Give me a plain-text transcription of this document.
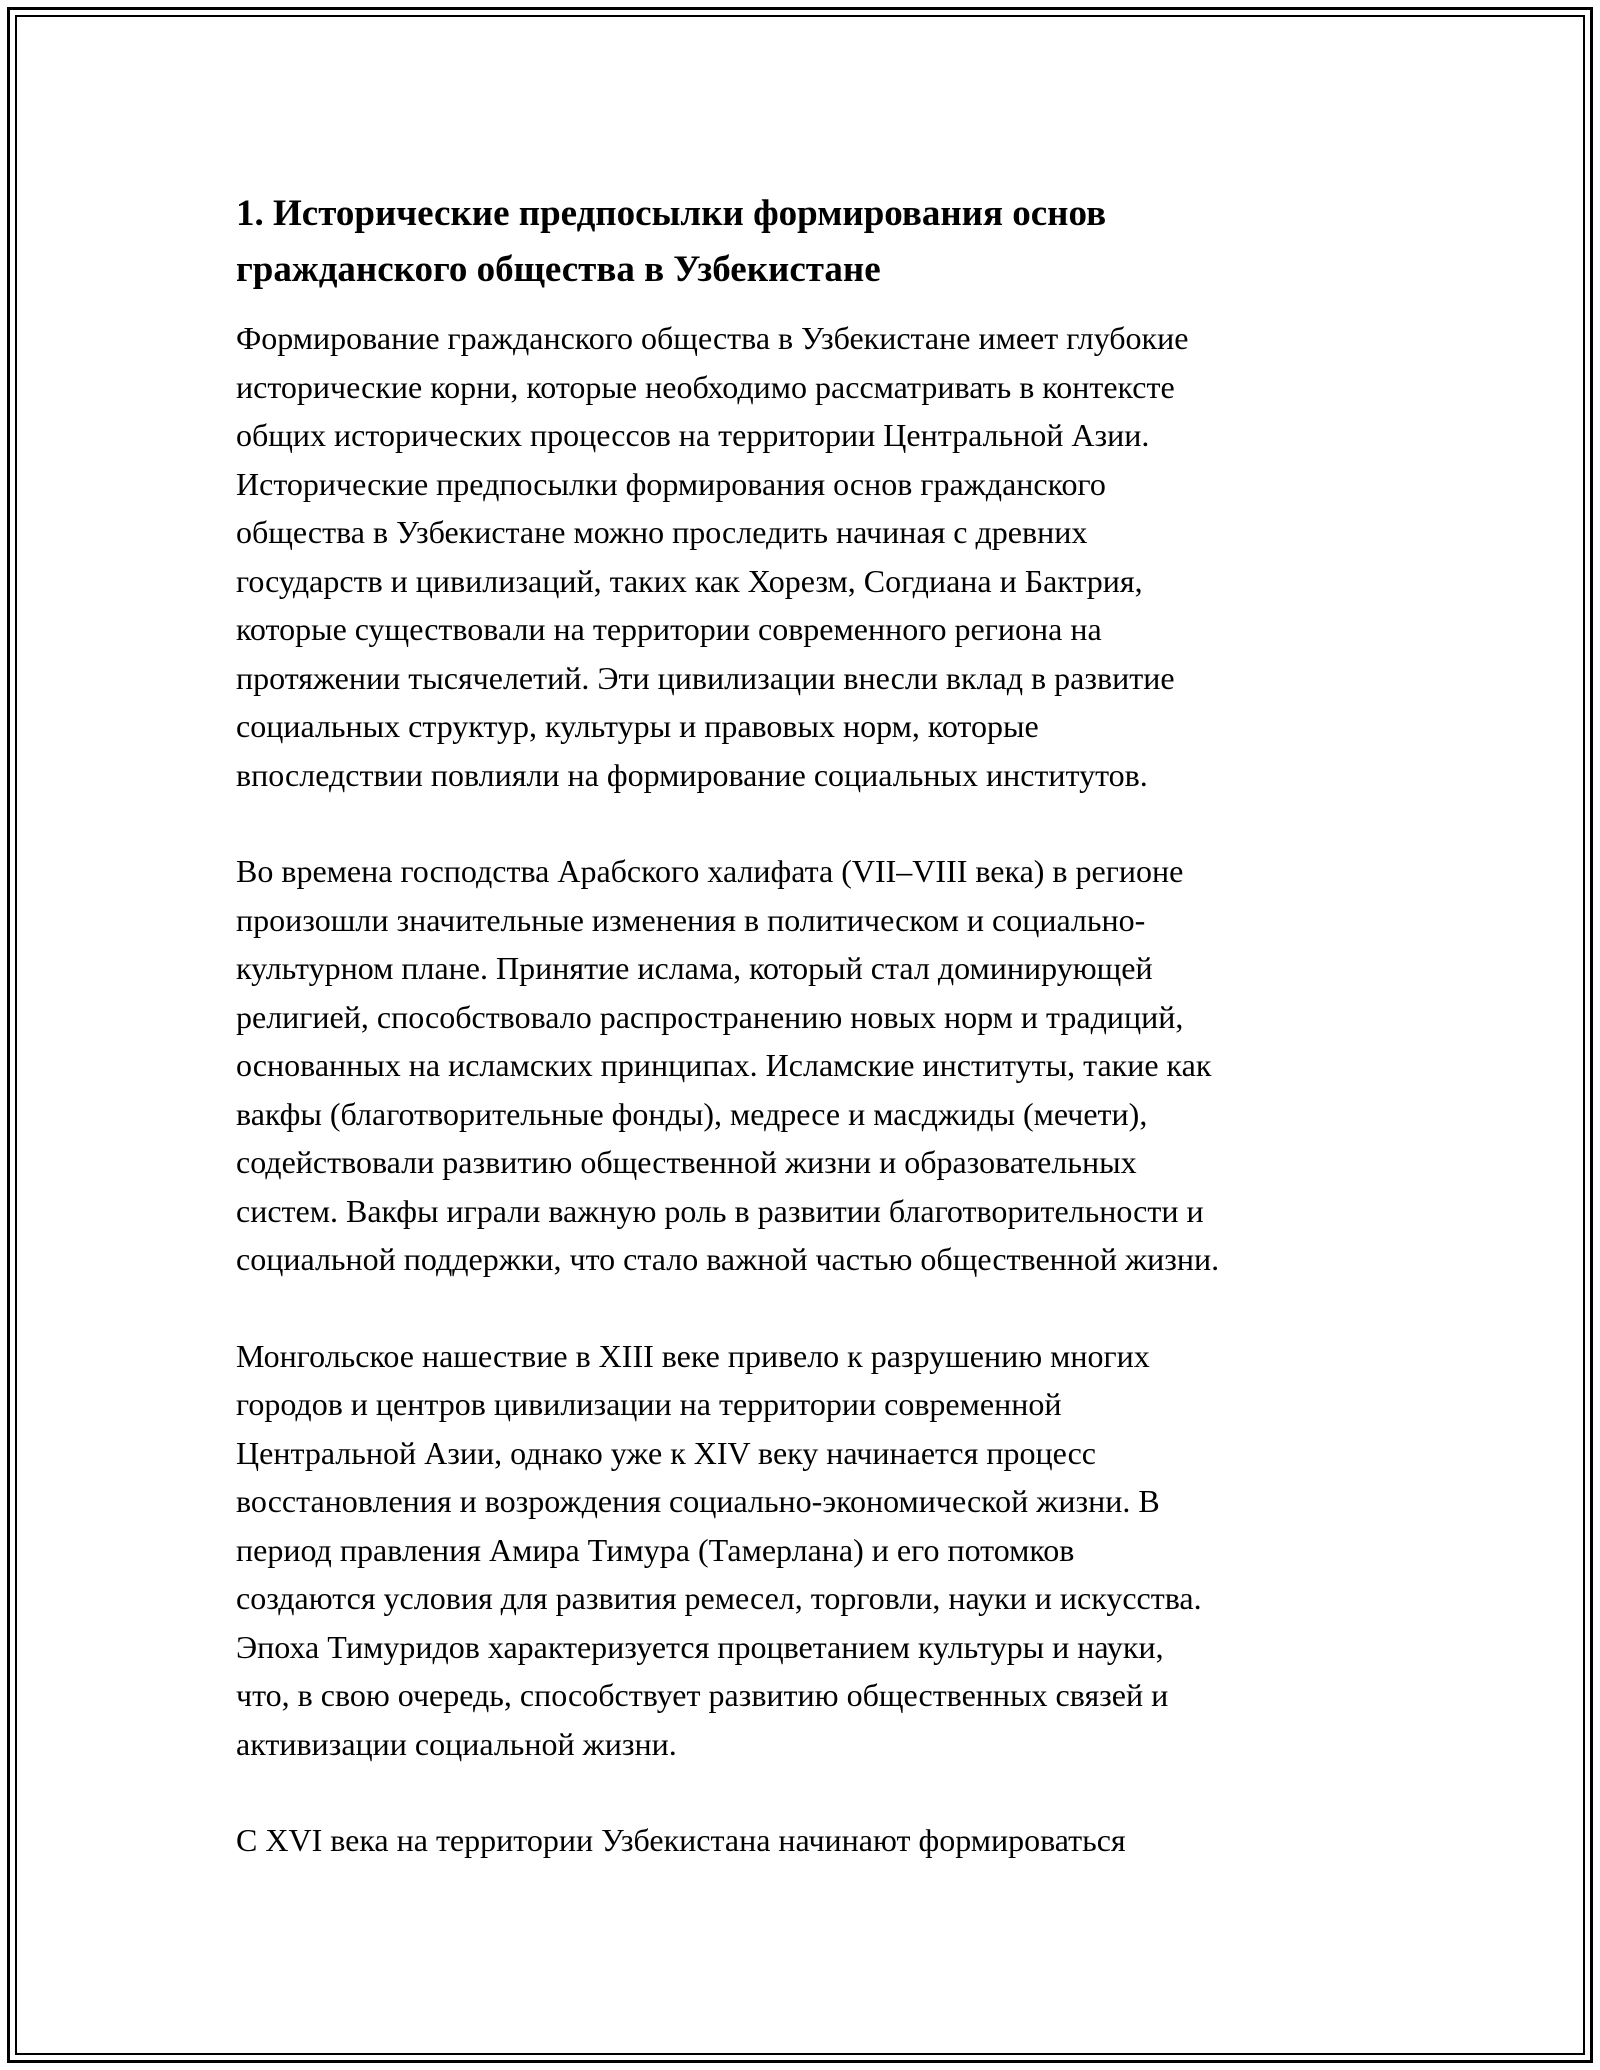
1. Исторические предпосылки формирования основ
гражданского общества в Узбекистане

Формирование гражданского общества в Узбекистане имеет глубокие
исторические корни, которые необходимо рассматривать в контексте
общих исторических процессов на территории Центральной Азии.
Исторические предпосылки формирования основ гражданского
общества в Узбекистане можно проследить начиная с древних
государств и цивилизаций, таких как Хорезм, Согдиана и Бактрия,
которые существовали на территории современного региона на
протяжении тысячелетий. Эти цивилизации внесли вклад в развитие
социальных структур, культуры и правовых норм, которые
впоследствии повлияли на формирование социальных институтов.

Во времена господства Арабского халифата (VII–VIII века) в регионе
произошли значительные изменения в политическом и социально-
культурном плане. Принятие ислама, который стал доминирующей
религией, способствовало распространению новых норм и традиций,
основанных на исламских принципах. Исламские институты, такие как
вакфы (благотворительные фонды), медресе и масджиды (мечети),
содействовали развитию общественной жизни и образовательных
систем. Вакфы играли важную роль в развитии благотворительности и
социальной поддержки, что стало важной частью общественной жизни.

Монгольское нашествие в XIII веке привело к разрушению многих
городов и центров цивилизации на территории современной
Центральной Азии, однако уже к XIV веку начинается процесс
восстановления и возрождения социально-экономической жизни. В
период правления Амира Тимура (Тамерлана) и его потомков
создаются условия для развития ремесел, торговли, науки и искусства.
Эпоха Тимуридов характеризуется процветанием культуры и науки,
что, в свою очередь, способствует развитию общественных связей и
активизации социальной жизни.

С XVI века на территории Узбекистана начинают формироваться
